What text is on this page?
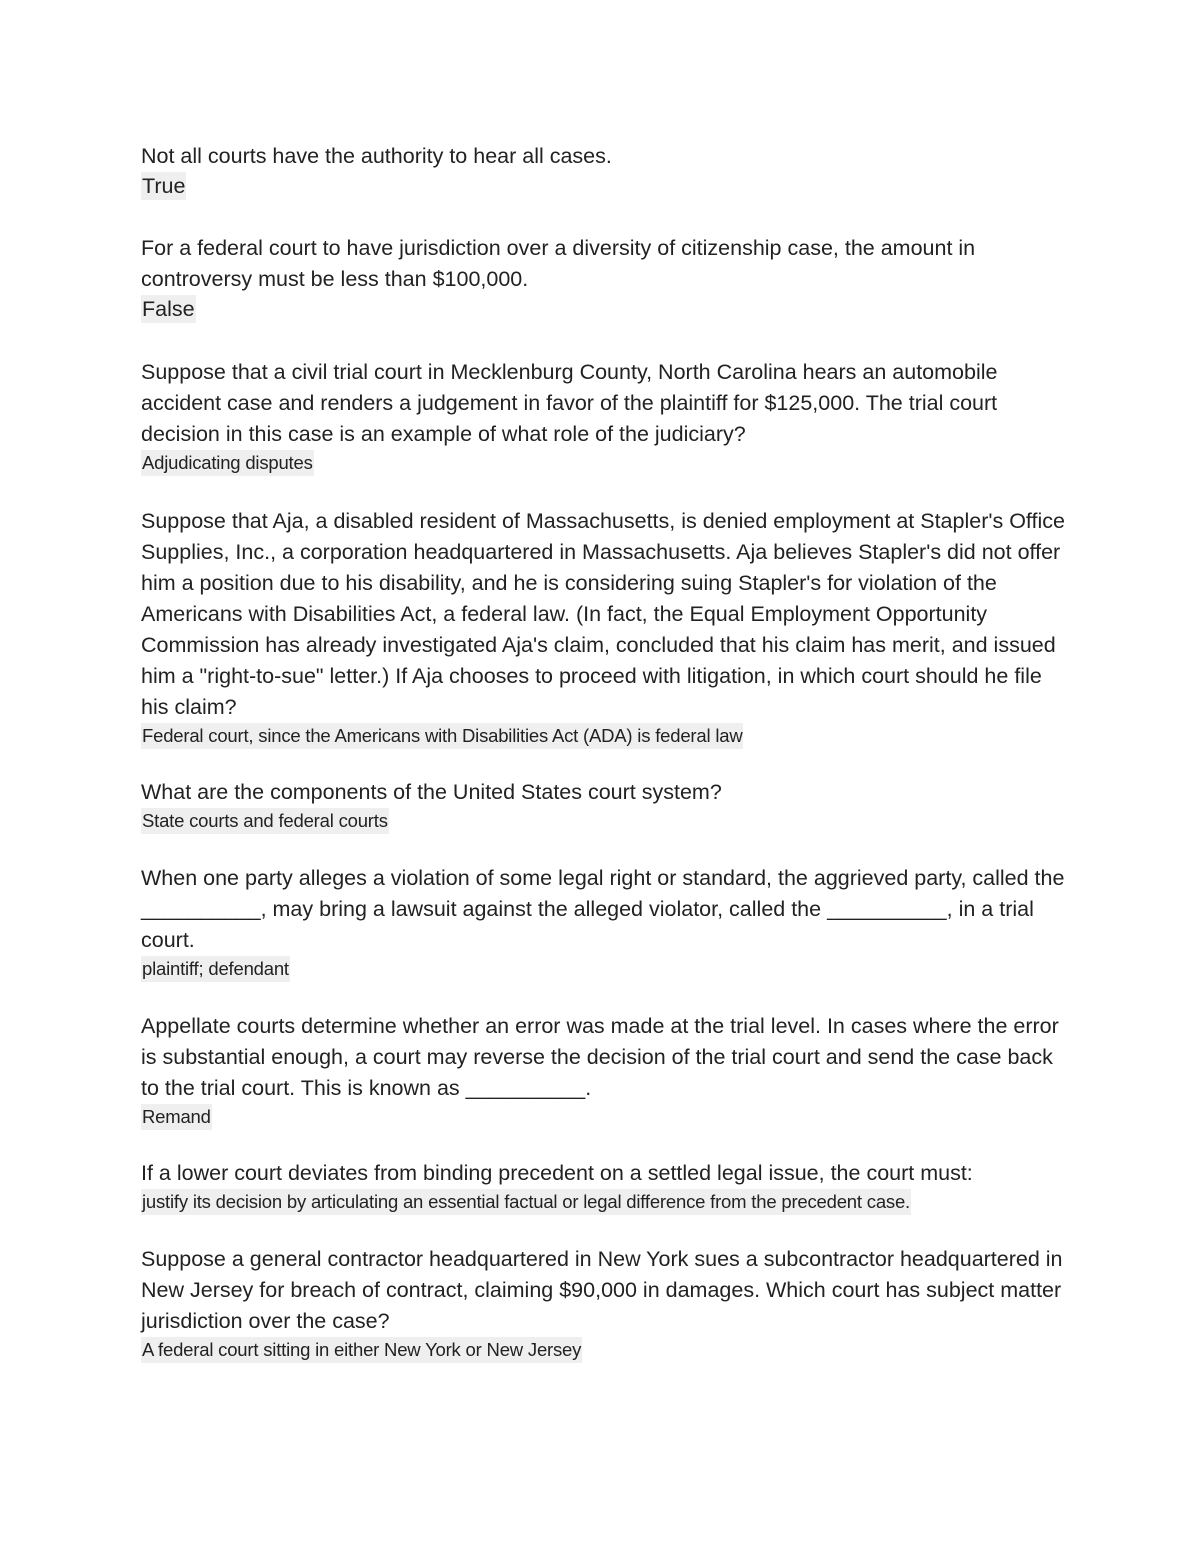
Not all courts have the authority to hear all cases.

True

For a federal court to have jurisdiction over a diversity of citizenship case, the amount in controversy must be less than $100,000.

False

Suppose that a civil trial court in Mecklenburg County, North Carolina hears an automobile accident case and renders a judgement in favor of the plaintiff for $125,000. The trial court decision in this case is an example of what role of the judiciary?

Adjudicating disputes

Suppose that Aja, a disabled resident of Massachusetts, is denied employment at Stapler's Office Supplies, Inc., a corporation headquartered in Massachusetts. Aja believes Stapler's did not offer him a position due to his disability, and he is considering suing Stapler's for violation of the Americans with Disabilities Act, a federal law. (In fact, the Equal Employment Opportunity Commission has already investigated Aja's claim, concluded that his claim has merit, and issued him a "right-to-sue" letter.) If Aja chooses to proceed with litigation, in which court should he file his claim?

Federal court, since the Americans with Disabilities Act (ADA) is federal law

What are the components of the United States court system?

State courts and federal courts

When one party alleges a violation of some legal right or standard, the aggrieved party, called the __________, may bring a lawsuit against the alleged violator, called the __________, in a trial court.

plaintiff; defendant

Appellate courts determine whether an error was made at the trial level. In cases where the error is substantial enough, a court may reverse the decision of the trial court and send the case back to the trial court. This is known as __________.

Remand

If a lower court deviates from binding precedent on a settled legal issue, the court must:

justify its decision by articulating an essential factual or legal difference from the precedent case.

Suppose a general contractor headquartered in New York sues a subcontractor headquartered in New Jersey for breach of contract, claiming $90,000 in damages. Which court has subject matter jurisdiction over the case?

A federal court sitting in either New York or New Jersey
